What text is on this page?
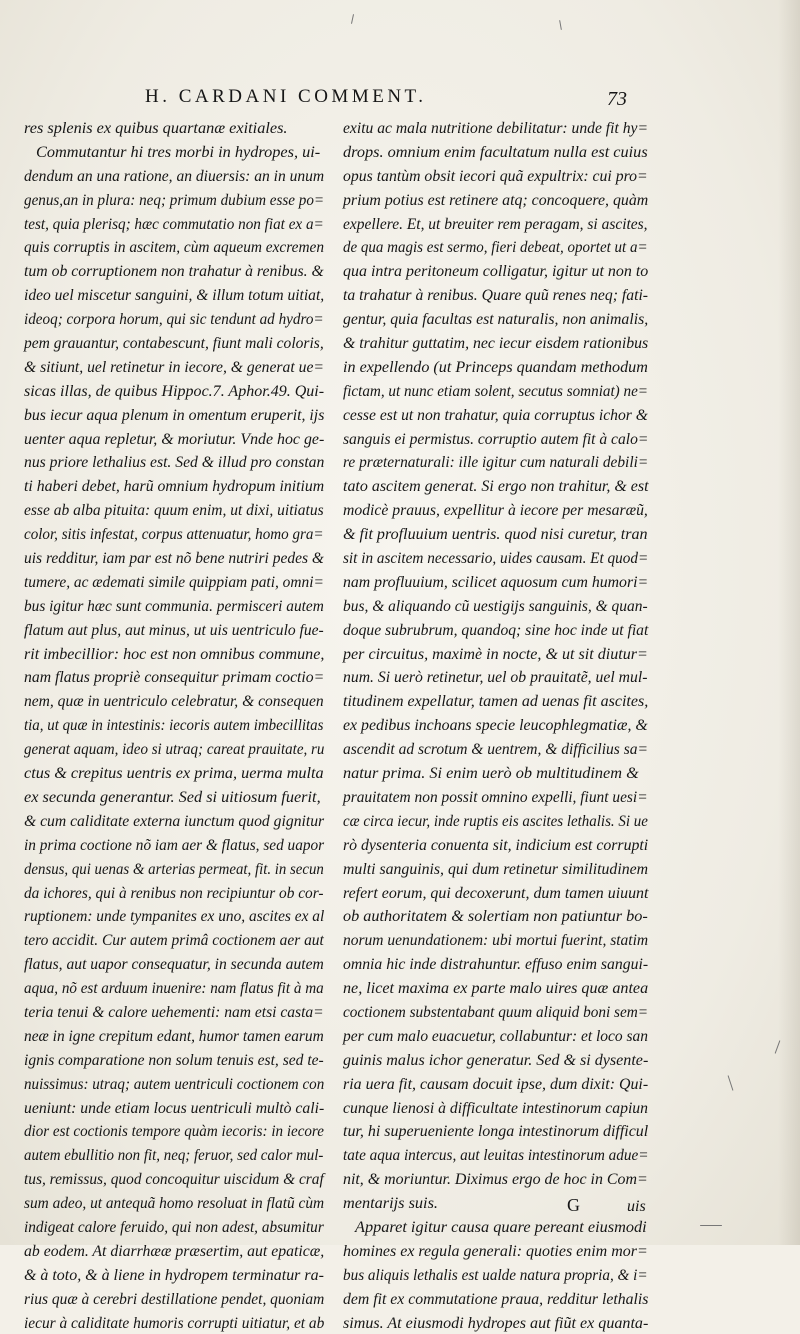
H. CARDANI COMMENT.	73
res splenis ex quibus quartanæ exitiales.
Commutantur hi tres morbi in hydropes, ui-
dendum an una ratione, an diuersis: an in unum
genus,an in plura: neq; primum dubium esse po=
test, quia plerisq; hæc commutatio non fiat ex a=
quis corruptis in ascitem, cùm aqueum excremen
tum ob corruptionem non trahatur à renibus. &
ideo uel miscetur sanguini, & illum totum uitiat,
ideoq; corpora horum, qui sic tendunt ad hydro=
pem grauantur, contabescunt, fiunt mali coloris,
& sitiunt, uel retinetur in iecore, & generat ue=
sicas illas, de quibus Hippoc.7. Aphor.49. Qui-
bus iecur aqua plenum in omentum eruperit, ijs
uenter aqua repletur, & moriutur. Vnde hoc ge-
nus priore lethalius est. Sed & illud pro constan
ti haberi debet, harũ omnium hydropum initium
esse ab alba pituita: quum enim, ut dixi, uitiatus
color, sitis infestat, corpus attenuatur, homo gra=
uis redditur, iam par est nõ bene nutriri pedes &
tumere, ac ædemati simile quippiam pati, omni=
bus igitur hæc sunt communia. permisceri autem
flatum aut plus, aut minus, ut uis uentriculo fue-
rit imbecillior: hoc est non omnibus commune,
nam flatus propriè consequitur primam coctio=
nem, quæ in uentriculo celebratur, & consequen
tia, ut quæ in intestinis: iecoris autem imbecillitas
generat aquam, ideo si utraq; careat prauitate, ru
ctus & crepitus uentris ex prima, uerma multa
ex secunda generantur. Sed si uitiosum fuerit,
& cum caliditate externa iunctum quod gignitur
in prima coctione nõ iam aer & flatus, sed uapor
densus, qui uenas & arterias permeat, fit. in secun
da ichores, qui à renibus non recipiuntur ob cor-
ruptionem: unde tympanites ex uno, ascites ex al
tero accidit. Cur autem primâ coctionem aer aut
flatus, aut uapor consequatur, in secunda autem
aqua, nõ est arduum inuenire: nam flatus fit à ma
teria tenui & calore uehementi: nam etsi casta=
neæ in igne crepitum edant, humor tamen earum
ignis comparatione non solum tenuis est, sed te-
nuissimus: utraq; autem uentriculi coctionem con
ueniunt: unde etiam locus uentriculi multò cali-
dior est coctionis tempore quàm iecoris: in iecore
autem ebullitio non fit, neq; feruor, sed calor mul-
tus, remissus, quod concoquitur uiscidum & craf
sum adeo, ut antequã homo resoluat in flatũ cùm
indigeat calore feruido, qui non adest, absumitur
ab eodem. At diarrhææ præsertim, aut epaticæ,
& à toto, & à liene in hydropem terminatur ra-
rius quæ à cerebri destillatione pendet, quoniam
iecur à caliditate humoris corrupti uitiatur, et ab
exitu ac mala nutritione debilitatur: unde fit hy=
drops. omnium enim facultatum nulla est cuius
opus tantùm obsit iecori quã expultrix: cui pro=
prium potius est retinere atq; concoquere, quàm
expellere. Et, ut breuiter rem peragam, si ascites,
de qua magis est sermo, fieri debeat, oportet ut a=
qua intra peritoneum colligatur, igitur ut non to
ta trahatur à renibus. Quare quũ renes neq; fati-
gentur, quia facultas est naturalis, non animalis,
& trahitur guttatim, nec iecur eisdem rationibus
in expellendo (ut Princeps quandam methodum
fictam, ut nunc etiam solent, secutus somniat) ne=
cesse est ut non trahatur, quia corruptus ichor &
sanguis ei permistus. corruptio autem fit à calo=
re præternaturali: ille igitur cum naturali debili=
tato ascitem generat. Si ergo non trahitur, & est
modicè prauus, expellitur à iecore per mesaræũ,
& fit profluuium uentris. quod nisi curetur, tran
sit in ascitem necessario, uides causam. Et quod=
nam profluuium, scilicet aquosum cum humori=
bus, & aliquando cũ uestigijs sanguinis, & quan-
doque subrubrum, quandoq; sine hoc inde ut fiat
per circuitus, maximè in nocte, & ut sit diutur=
num. Si uerò retinetur, uel ob prauitatẽ, uel mul-
titudinem expellatur, tamen ad uenas fit ascites,
ex pedibus inchoans specie leucophlegmatiæ, &
ascendit ad scrotum & uentrem, & difficilius sa=
natur prima. Si enim uerò ob multitudinem &
prauitatem non possit omnino expelli, fiunt uesi=
cæ circa iecur, inde ruptis eis ascites lethalis. Si ue
rò dysenteria conuenta sit, indicium est corrupti
multi sanguinis, qui dum retinetur similitudinem
refert eorum, qui decoxerunt, dum tamen uiuunt
ob authoritatem & solertiam non patiuntur bo-
norum uenundationem: ubi mortui fuerint, statim
omnia hic inde distrahuntur. effuso enim sangui-
ne, licet maxima ex parte malo uires quæ antea
coctionem substentabant quum aliquid boni sem=
per cum malo euacuetur, collabuntur: et loco san
guinis malus ichor generatur. Sed & si dysente-
ria uera fit, causam docuit ipse, dum dixit: Qui-
cunque lienosi à difficultate intestinorum capiun
tur, hi superueniente longa intestinorum difficul
tate aqua intercus, aut leuitas intestinorum adue=
nit, & moriuntur. Diximus ergo de hoc in Com=
mentarijs suis.
Apparet igitur causa quare pereant eiusmodi
homines ex regula generali: quoties enim mor=
bus aliquis lethalis est ualde natura propria, & i=
dem fit ex commutatione praua, redditur lethalis
simus. At eiusmodi hydropes aut fiũt ex quanta-
G	uis
